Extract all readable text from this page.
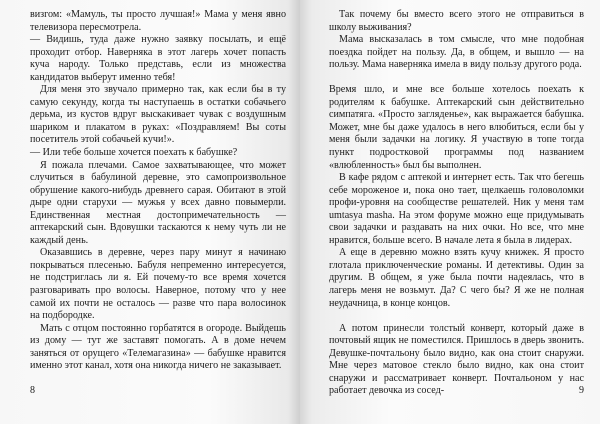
визгом: «Мамуль, ты просто лучшая!» Мама у меня явно телевизора пересмотрела.

— Видишь, туда даже нужно заявку посылать, и ещё проходит отбор. Наверняка в этот лагерь хочет попасть куча народу. Только представь, если из множества кандидатов выберут именно тебя!

Для меня это звучало примерно так, как если бы в ту самую секунду, когда ты наступаешь в остатки собачьего дерьма, из кустов вдруг выскакивает чувак с воздушным шариком и плакатом в руках: «Поздравляем! Вы соты посетитель этой собачьей кучи!».

— Или тебе больше хочется поехать к бабушке?

Я пожала плечами. Самое захватывающее, что может случиться в бабулиной деревне, это самопроизвольное обрушение какого-нибудь древнего сарая. Обитают в этой дыре одни старухи — мужья у всех давно повымерли. Единственная местная достопримечательность — аптекарский сын. Вдовушки таскаются к нему чуть ли не каждый день.

Оказавшись в деревне, через пару минут я начинаю покрываться плесенью. Бабуля непременно интересуется, не подстриглась ли я. Ей почему-то все время хочется разговаривать про волосы. Наверное, потому что у нее самой их почти не осталось — разве что пара волосинок на подбородке.

Мать с отцом постоянно горбатятся в огороде. Выйдешь из дому — тут же заставят помогать. А в доме нечем заняться от орущего «Телемагазина» — бабушке нравится именно этот канал, хотя она никогда ничего не заказывает.

8

Так почему бы вместо всего этого не отправиться в школу выживания?

Мама высказалась в том смысле, что мне подобная поездка пойдет на пользу. Да, в общем, и вышло — на пользу. Мама наверняка имела в виду пользу другого рода.

Время шло, и мне все больше хотелось поехать к родителям к бабушке. Аптекарский сын действительно симпатяга. «Просто загляденье», как выражается бабушка. Может, мне бы даже удалось в него влюбиться, если бы у меня были задачки на логику. Я участвую в топе тогда пункт подростковой программы под названием «влюбленность» был бы выполнен.

В кафе рядом с аптекой и интернет есть. Так что бегешь себе мороженое и, пока оно тает, щелкаешь головоломки профи-уровня на сообществе решателей. Ник у меня там umtasya masha. На этом форуме можно еще придумывать свои задачки и раздавать на них очки. Но все, что мне нравится, больше всего. В начале лета я была в лидерах.

А еще в деревню можно взять кучу книжек. Я просто глотала приключенческие романы. И детективы. Один за другим. В общем, я уже была почти надеялась, что в лагерь меня не возьмут. Да? С чего бы? Я же не полная неудачница, в конце концов.

А потом принесли толстый конверт, который даже в почтовый ящик не поместился. Пришлось в дверь звонить. Девушке-почтальону было видно, как она стоит снаружи. Мне через матовое стекло было видно, как она стоит снаружи и рассматривает конверт. Почтальоном у нас работает девочка из сосед-	9
